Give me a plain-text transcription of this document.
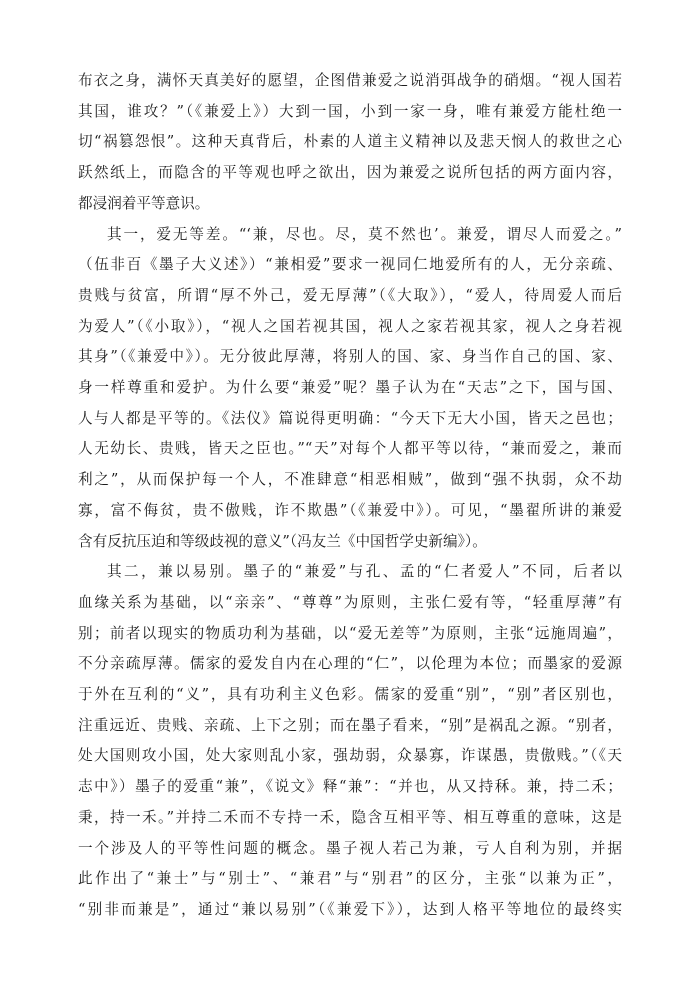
布衣之身，满怀天真美好的愿望，企图借兼爱之说消弭战争的硝烟。“视人国若
其国，谁攻？”（《兼爱上》）大到一国，小到一家一身，唯有兼爱方能杜绝一
切“祸篡怨恨”。这种天真背后，朴素的人道主义精神以及悲天悯人的救世之心
跃然纸上，而隐含的平等观也呼之欲出，因为兼爱之说所包括的两方面内容，
都浸润着平等意识。

其一，爱无等差。“‘兼，尽也。尽，莫不然也’。兼爱，谓尽人而爱之。”
（伍非百《墨子大义述》）“兼相爱”要求一视同仁地爱所有的人，无分亲疏、
贵贱与贫富，所谓“厚不外己，爱无厚薄”（《大取》），“爱人，待周爱人而后
为爱人”（《小取》），“视人之国若视其国，视人之家若视其家，视人之身若视
其身”（《兼爱中》）。无分彼此厚薄，将别人的国、家、身当作自己的国、家、
身一样尊重和爱护。为什么要“兼爱”呢？墨子认为在“天志”之下，国与国、
人与人都是平等的。《法仪》篇说得更明确：“今天下无大小国，皆天之邑也；
人无幼长、贵贱，皆天之臣也。”“天”对每个人都平等以待，“兼而爱之，兼而
利之”，从而保护每一个人，不准肆意“相恶相贼”，做到“强不执弱，众不劫
寡，富不侮贫，贵不傲贱，诈不欺愚”（《兼爱中》）。可见，“墨翟所讲的兼爱
含有反抗压迫和等级歧视的意义”（冯友兰《中国哲学史新编》）。

其二，兼以易别。墨子的“兼爱”与孔、孟的“仁者爱人”不同，后者以
血缘关系为基础，以“亲亲”、“尊尊”为原则，主张仁爱有等，“轻重厚薄”有
别；前者以现实的物质功利为基础，以“爱无差等”为原则，主张“远施周遍”，
不分亲疏厚薄。儒家的爱发自内在心理的“仁”，以伦理为本位；而墨家的爱源
于外在互利的“义”，具有功利主义色彩。儒家的爱重“别”，“别”者区别也，
注重远近、贵贱、亲疏、上下之别；而在墨子看来，“别”是祸乱之源。“别者，
处大国则攻小国，处大家则乱小家，强劫弱，众暴寡，诈谋愚，贵傲贱。”（《天
志中》）墨子的爱重“兼”，《说文》释“兼”：“并也，从又持秝。兼，持二禾；
秉，持一禾。”并持二禾而不专持一禾，隐含互相平等、相互尊重的意味，这是
一个涉及人的平等性问题的概念。墨子视人若己为兼，亏人自利为别，并据
此作出了“兼士”与“别士”、“兼君”与“别君”的区分，主张“以兼为正”，
“别非而兼是”，通过“兼以易别”（《兼爱下》），达到人格平等地位的最终实
